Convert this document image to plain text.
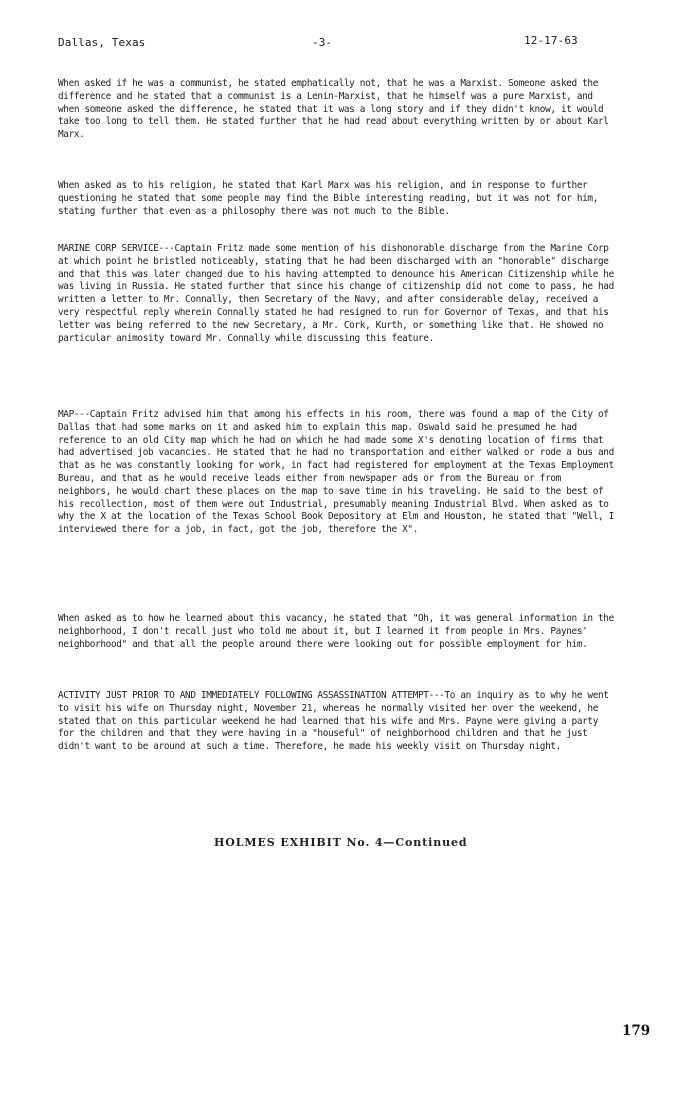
Dallas, Texas	-3-	12-17-63

When asked if he was a communist, he stated emphatically not, that he was a Marxist. Someone asked the difference and he stated that a communist is a Lenin-Marxist, that he himself was a pure Marxist, and when someone asked the difference, he stated that it was a long story and if they didn't know, it would take too long to tell them. He stated further that he had read about everything written by or about Karl Marx.

When asked as to his religion, he stated that Karl Marx was his religion, and in response to further questioning he stated that some people may find the Bible interesting reading, but it was not for him, stating further that even as a philosophy there was not much to the Bible.

MARINE CORP SERVICE---Captain Fritz made some mention of his dishonorable discharge from the Marine Corp at which point he bristled noticeably, stating that he had been discharged with an "honorable" discharge and that this was later changed due to his having attempted to denounce his American Citizenship while he was living in Russia. He stated further that since his change of citizenship did not come to pass, he had written a letter to Mr. Connally, then Secretary of the Navy, and after considerable delay, received a very respectful reply wherein Connally stated he had resigned to run for Governor of Texas, and that his letter was being referred to the new Secretary, a Mr. Cork, Kurth, or something like that. He showed no particular animosity toward Mr. Connally while discussing this feature.

MAP---Captain Fritz advised him that among his effects in his room, there was found a map of the City of Dallas that had some marks on it and asked him to explain this map. Oswald said he presumed he had reference to an old City map which he had on which he had made some X's denoting location of firms that had advertised job vacancies. He stated that he had no transportation and either walked or rode a bus and that as he was constantly looking for work, in fact had registered for employment at the Texas Employment Bureau, and that as he would receive leads either from newspaper ads or from the Bureau or from neighbors, he would chart these places on the map to save time in his traveling. He said to the best of his recollection, most of them were out Industrial, presumably meaning Industrial Blvd. When asked as to why the X at the location of the Texas School Book Depository at Elm and Houston, he stated that "Well, I interviewed there for a job, in fact, got the job, therefore the X".

When asked as to how he learned about this vacancy, he stated that "Oh, it was general information in the neighborhood, I don't recall just who told me about it, but I learned it from people in Mrs. Paynes' neighborhood" and that all the people around there were looking out for possible employment for him.

ACTIVITY JUST PRIOR TO AND IMMEDIATELY FOLLOWING ASSASSINATION ATTEMPT---To an inquiry as to why he went to visit his wife on Thursday night, November 21, whereas he normally visited her over the weekend, he stated that on this particular weekend he had learned that his wife and Mrs. Payne were giving a party for the children and that they were having in a "houseful" of neighborhood children and that he just didn't want to be around at such a time. Therefore, he made his weekly visit on Thursday night.

HOLMES EXHIBIT No. 4—Continued
179
